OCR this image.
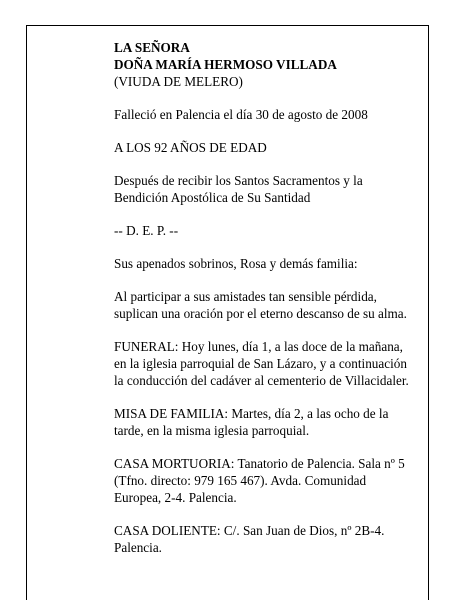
LA SEÑORA
DOÑA MARÍA HERMOSO VILLADA
(VIUDA DE MELERO)
Falleció en Palencia el día 30 de agosto de 2008
A LOS 92 AÑOS DE EDAD
Después de recibir los Santos Sacramentos y la
Bendición Apostólica de Su Santidad
-- D. E. P. --
Sus apenados sobrinos, Rosa y demás familia:
Al participar a sus amistades tan sensible pérdida,
suplican una oración por el eterno descanso de su alma.
FUNERAL: Hoy lunes, día 1, a las doce de la mañana,
en la iglesia parroquial de San Lázaro, y a continuación
la conducción del cadáver al cementerio de Villacidaler.
MISA DE FAMILIA: Martes, día 2, a las ocho de la
tarde, en la misma iglesia parroquial.
CASA MORTUORIA: Tanatorio de Palencia. Sala nº 5
(Tfno. directo: 979 165 467). Avda. Comunidad
Europea, 2-4. Palencia.
CASA DOLIENTE: C/. San Juan de Dios, nº 2B-4.
Palencia.
